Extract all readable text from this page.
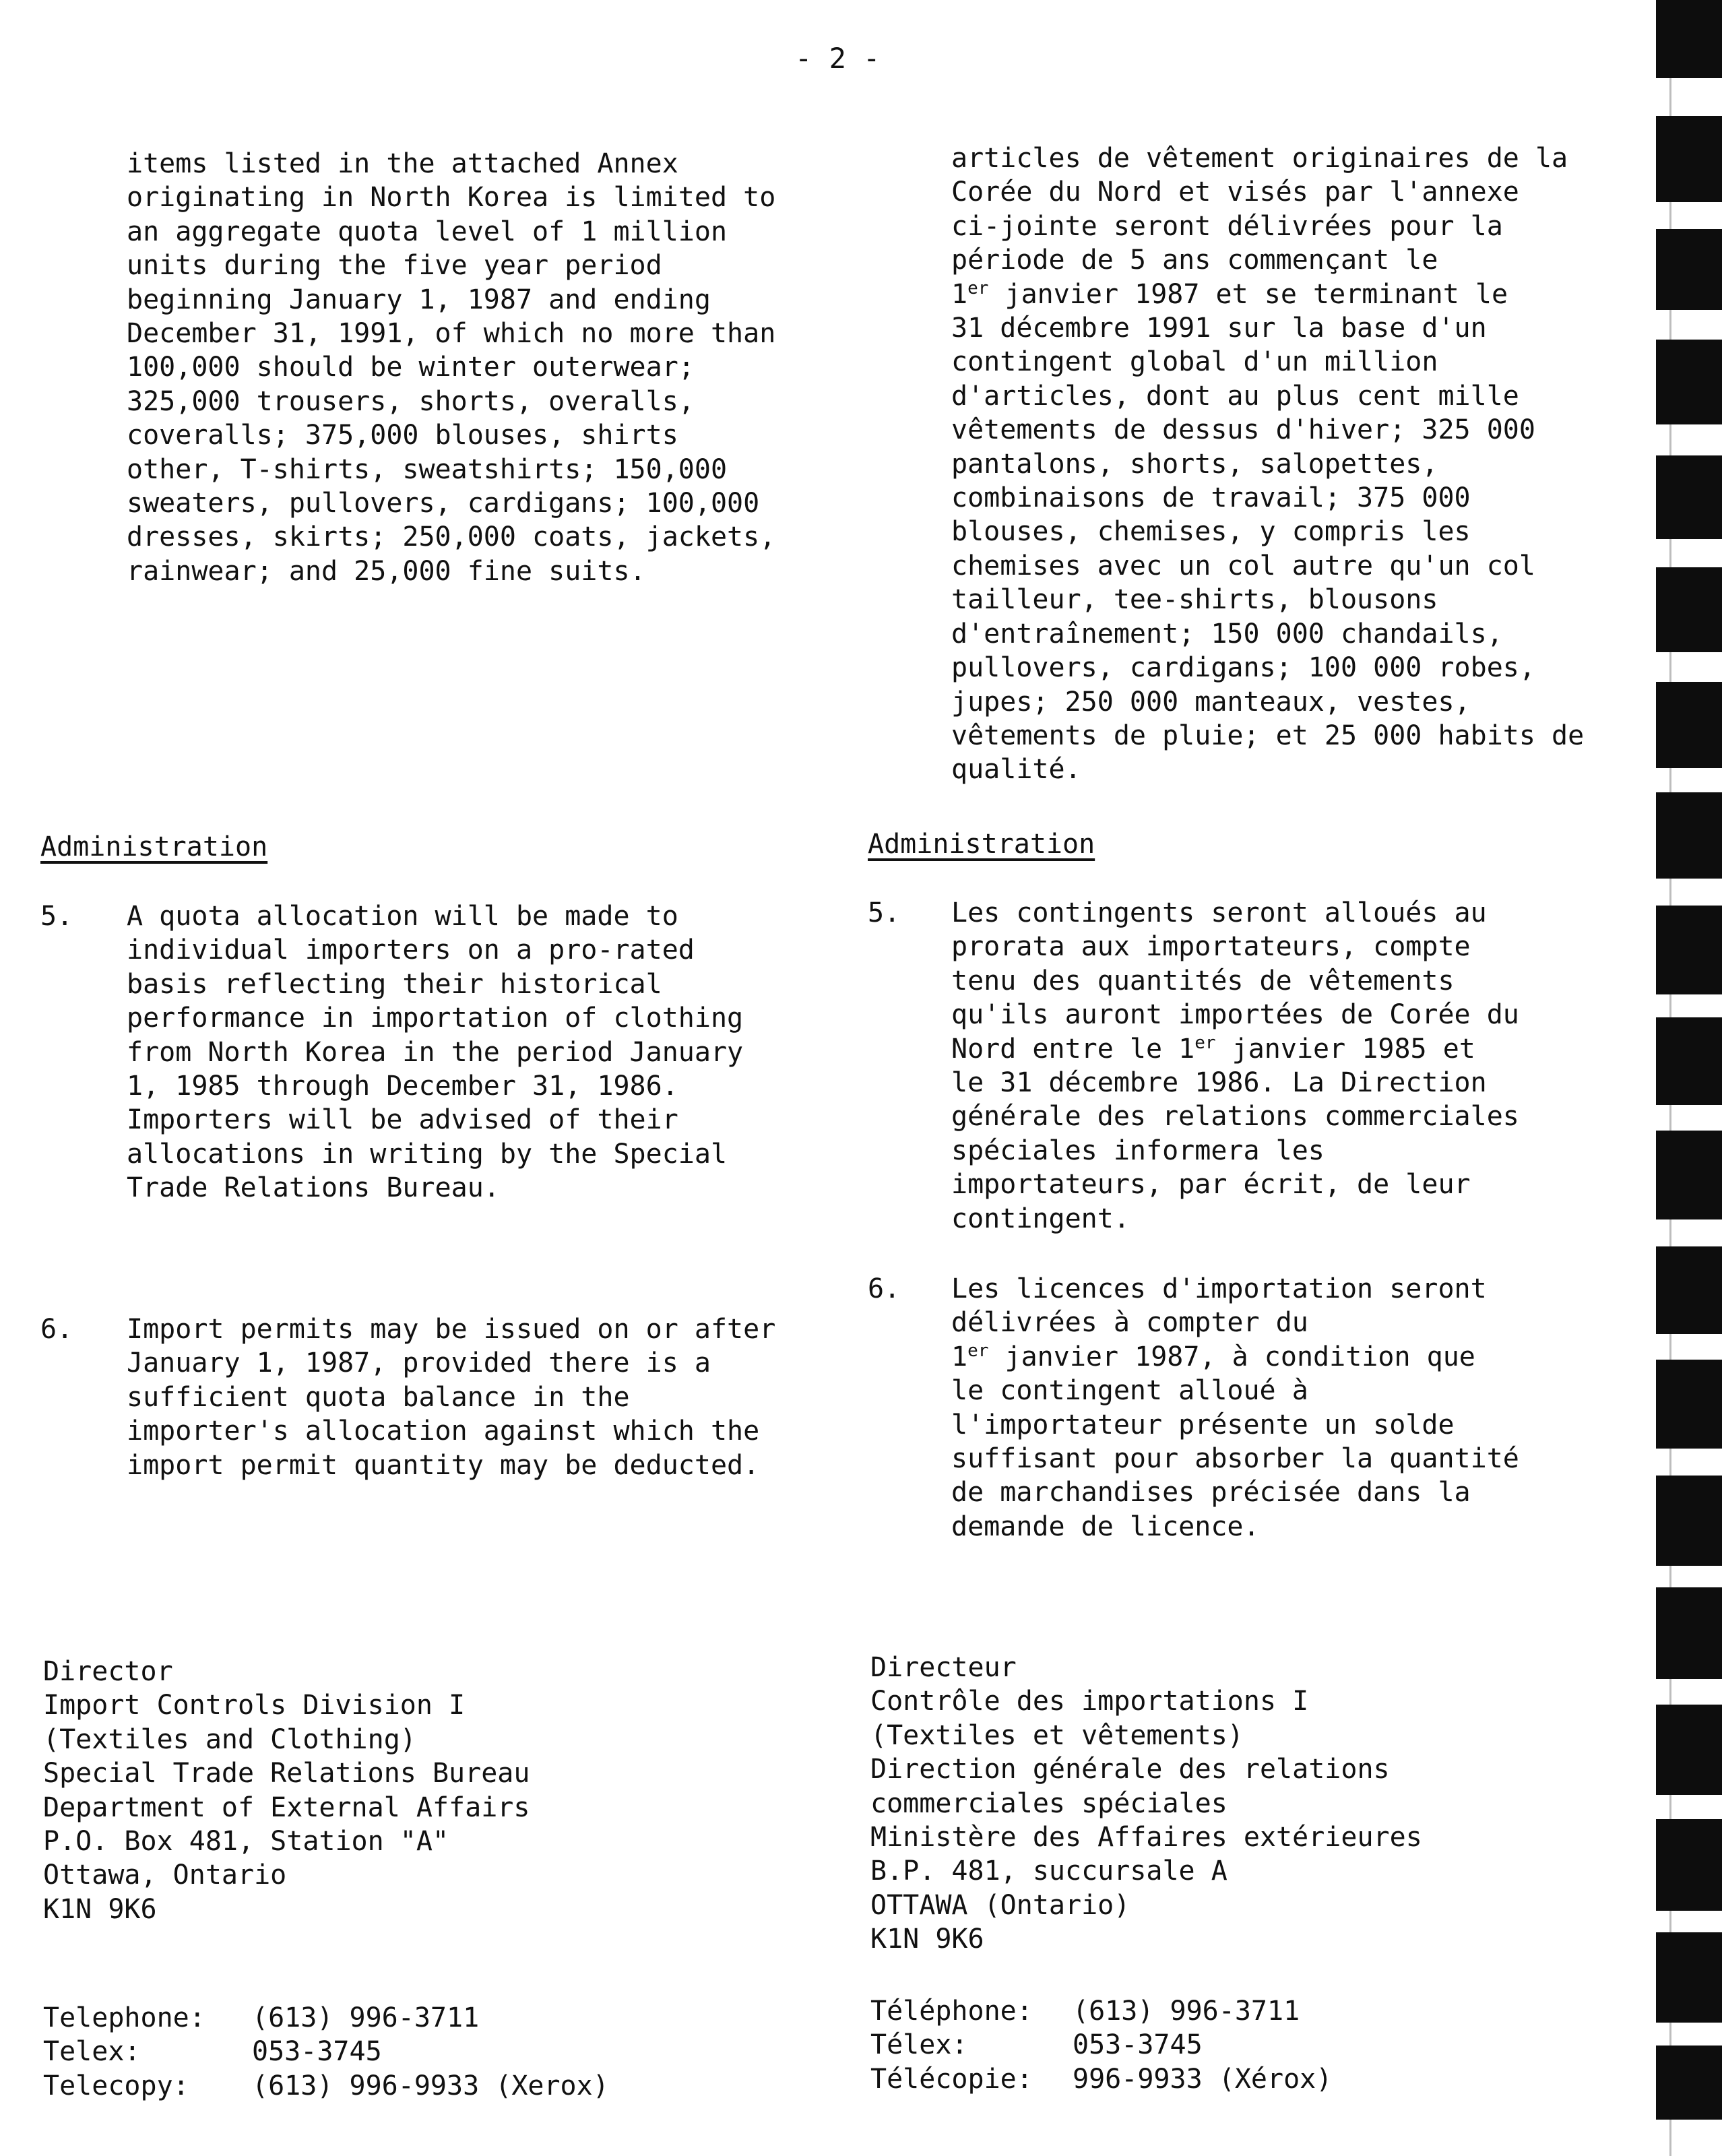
- 2 -
items listed in the attached Annex
originating in North Korea is limited to
an aggregate quota level of 1 million
units during the five year period
beginning January 1, 1987 and ending
December 31, 1991, of which no more than
100,000 should be winter outerwear;
325,000 trousers, shorts, overalls,
coveralls; 375,000 blouses, shirts
other, T-shirts, sweatshirts; 150,000
sweaters, pullovers, cardigans; 100,000
dresses, skirts; 250,000 coats, jackets,
rainwear; and 25,000 fine suits.
Administration
5.	A quota allocation will be made to
individual importers on a pro-rated
basis reflecting their historical
performance in importation of clothing
from North Korea in the period January
1, 1985 through December 31, 1986.
Importers will be advised of their
allocations in writing by the Special
Trade Relations Bureau.
6.	Import permits may be issued on or after
January 1, 1987, provided there is a
sufficient quota balance in the
importer's allocation against which the
import permit quantity may be deducted.
Director
Import Controls Division I
(Textiles and Clothing)
Special Trade Relations Bureau
Department of External Affairs
P.O. Box 481, Station "A"
Ottawa, Ontario
K1N 9K6
Telephone:	(613) 996-3711
Telex:	053-3745
Telecopy:	(613) 996-9933 (Xerox)
articles de vêtement originaires de la
Corée du Nord et visés par l'annexe
ci-jointe seront délivrées pour la
période de 5 ans commençant le
1er janvier 1987 et se terminant le
31 décembre 1991 sur la base d'un
contingent global d'un million
d'articles, dont au plus cent mille
vêtements de dessus d'hiver; 325 000
pantalons, shorts, salopettes,
combinaisons de travail; 375 000
blouses, chemises, y compris les
chemises avec un col autre qu'un col
tailleur, tee-shirts, blousons
d'entraînement; 150 000 chandails,
pullovers, cardigans; 100 000 robes,
jupes; 250 000 manteaux, vestes,
vêtements de pluie; et 25 000 habits de
qualité.
Administration
5.	Les contingents seront alloués au
prorata aux importateurs, compte
tenu des quantités de vêtements
qu'ils auront importées de Corée du
Nord entre le 1er janvier 1985 et
le 31 décembre 1986. La Direction
générale des relations commerciales
spéciales informera les
importateurs, par écrit, de leur
contingent.
6.	Les licences d'importation seront
délivrées à compter du
1er janvier 1987, à condition que
le contingent alloué à
l'importateur présente un solde
suffisant pour absorber la quantité
de marchandises précisée dans la
demande de licence.
Directeur
Contrôle des importations I
(Textiles et vêtements)
Direction générale des relations
commerciales spéciales
Ministère des Affaires extérieures
B.P. 481, succursale A
OTTAWA (Ontario)
K1N 9K6
Téléphone:	(613) 996-3711
Télex:	053-3745
Télécopie:	996-9933 (Xérox)
